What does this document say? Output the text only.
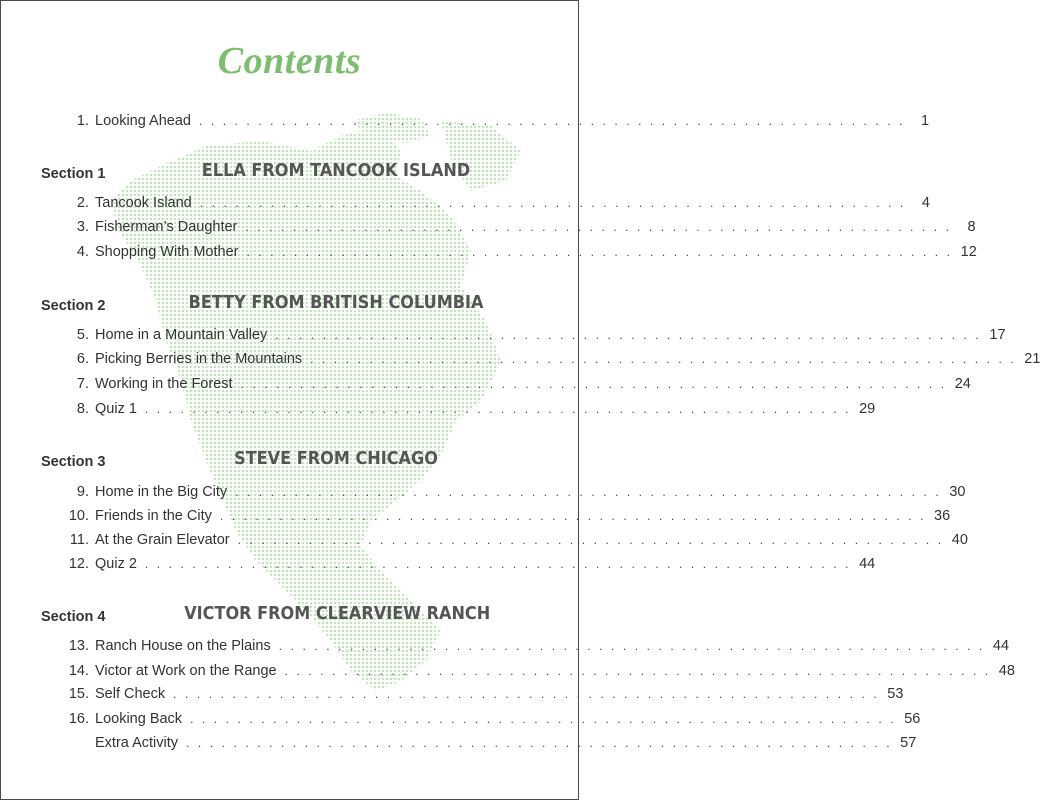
Contents
1. Looking Ahead . . . . . . . . . . . . . . . . . . . . . . . . . . . . . . . . . . . . . . . . . . . . . . . . . . . . . . . . . . . .	1
Section 1	ELLA FROM TANCOOK ISLAND
2. Tancook Island . . . . . . . . . . . . . . . . . . . . . . . . . . . . . . . . . . . . . . . . . . . . . . . . . . . . . . . . . . . .	4
3. Fisherman’s Daughter . . . . . . . . . . . . . . . . . . . . . . . . . . . . . . . . . . . . . . . . . . . . . . . . . . . . . . . . . . . .	8
4. Shopping With Mother . . . . . . . . . . . . . . . . . . . . . . . . . . . . . . . . . . . . . . . . . . . . . . . . . . . . . . . . . . . . 12
Section 2	BETTY FROM BRITISH COLUMBIA
5. Home in a Mountain Valley . . . . . . . . . . . . . . . . . . . . . . . . . . . . . . . . . . . . . . . . . . . . . . . . . . . . . . . . . . . . 17
6. Picking Berries in the Mountains . . . . . . . . . . . . . . . . . . . . . . . . . . . . . . . . . . . . . . . . . . . . . . . . . . . . . . . . . . . . 21
7. Working in the Forest . . . . . . . . . . . . . . . . . . . . . . . . . . . . . . . . . . . . . . . . . . . . . . . . . . . . . . . . . . . . 24
8. Quiz 1 . . . . . . . . . . . . . . . . . . . . . . . . . . . . . . . . . . . . . . . . . . . . . . . . . . . . . . . . . . . . 29
Section 3	STEVE FROM CHICAGO
9. Home in the Big City . . . . . . . . . . . . . . . . . . . . . . . . . . . . . . . . . . . . . . . . . . . . . . . . . . . . . . . . . . . . 30
10. Friends in the City . . . . . . . . . . . . . . . . . . . . . . . . . . . . . . . . . . . . . . . . . . . . . . . . . . . . . . . . . . . . 36
11. At the Grain Elevator . . . . . . . . . . . . . . . . . . . . . . . . . . . . . . . . . . . . . . . . . . . . . . . . . . . . . . . . . . . . 40
12. Quiz 2 . . . . . . . . . . . . . . . . . . . . . . . . . . . . . . . . . . . . . . . . . . . . . . . . . . . . . . . . . . . . 44
Section 4	VICTOR FROM CLEARVIEW RANCH
13. Ranch House on the Plains . . . . . . . . . . . . . . . . . . . . . . . . . . . . . . . . . . . . . . . . . . . . . . . . . . . . . . . . . . . . 44
14. Victor at Work on the Range . . . . . . . . . . . . . . . . . . . . . . . . . . . . . . . . . . . . . . . . . . . . . . . . . . . . . . . . . . . . 48
15. Self Check . . . . . . . . . . . . . . . . . . . . . . . . . . . . . . . . . . . . . . . . . . . . . . . . . . . . . . . . . . . . 53
16. Looking Back . . . . . . . . . . . . . . . . . . . . . . . . . . . . . . . . . . . . . . . . . . . . . . . . . . . . . . . . . . . . 56
Extra Activity . . . . . . . . . . . . . . . . . . . . . . . . . . . . . . . . . . . . . . . . . . . . . . . . . . . . . . . . . . . . 57
